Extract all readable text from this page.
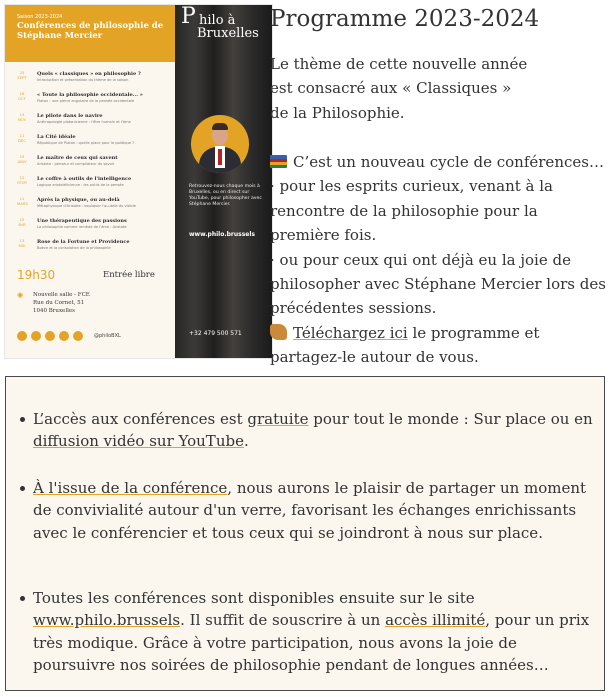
Saison 2023-2024
Conférences de philosophie de Stéphane Mercier
25 SEPT
Quels « classiques » en philosophie ?
Introduction et présentation du thème de la saison
16 OCT
« Toute la philosophie occidentale... »
Platon : une pierre angulaire de la pensée occidentale
13 NOV
Le pilote dans le navire
Anthropologie platonicienne : l'être humain et l'âme
11 DÉC
La Cité idéale
République de Platon : quelle place pour le politique ?
15 JANV
Le maître de ceux qui savent
Aristote : penseur et compilateur du savoir
12 FÉVR
Le coffre à outils de l'intelligence
Logique aristotélicienne : les outils de la pensée
11 MARS
Après la physique, ou au-delà
Métaphysique d'Aristote : expliquer l'au-delà du visible
15 AVR
Une thérapeutique des passions
La philosophie comme remède de l'âme : Aristote
13 MAI
Rose de la Fortune et Providence
Boèce et la consolation de la philosophie
19h30	Entrée libre
◉ Nouvelle salle - FCE
Rue du Cornet, 51
1040 Bruxelles
@philoBXL
P hilo à
Bruxelles
Retrouvez-nous chaque mois à Bruxelles, ou en direct sur YouTube, pour philosopher avec Stéphane Mercier.
www.philo.brussels
+32 479 500 571
Programme 2023-2024
Le thème de cette nouvelle année est consacré aux « Classiques » de la Philosophie.
C’est un nouveau cycle de conférences…
· pour les esprits curieux, venant à la rencontre de la philosophie pour la première fois.
· ou pour ceux qui ont déjà eu la joie de philosopher avec Stéphane Mercier lors des précédentes sessions.
Téléchargez ici le programme et partagez-le autour de vous.
L’accès aux conférences est gratuite pour tout le monde : Sur place ou en diffusion vidéo sur YouTube.
À l'issue de la conférence, nous aurons le plaisir de partager un moment de convivialité autour d'un verre, favorisant les échanges enrichissants avec le conférencier et tous ceux qui se joindront à nous sur place.
Toutes les conférences sont disponibles ensuite sur le site www.philo.brussels. Il suffit de souscrire à un accès illimité, pour un prix très modique. Grâce à votre participation, nous avons la joie de poursuivre nos soirées de philosophie pendant de longues années…
